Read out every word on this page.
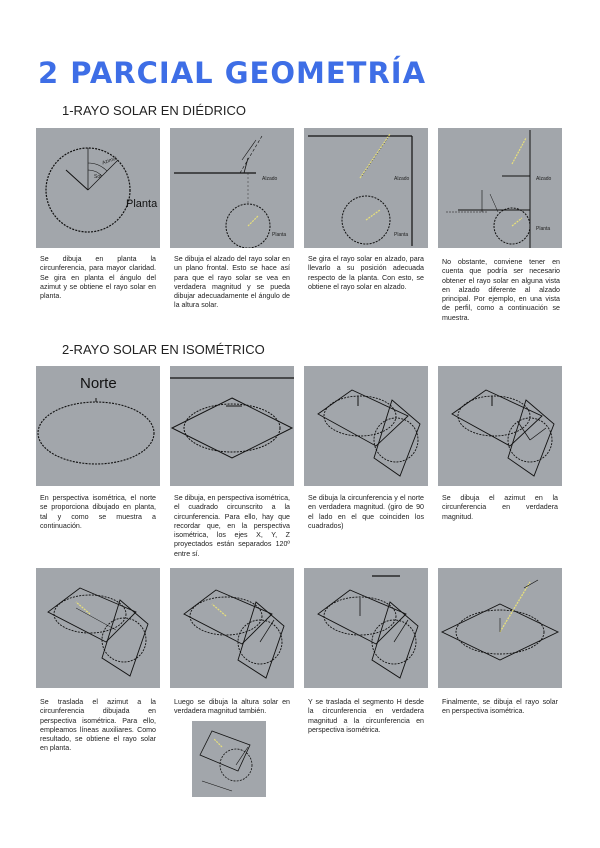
2 PARCIAL GEOMETRÍA
1-RAYO SOLAR EN DIÉDRICO
Azimut
Sol
Planta
Se dibuja en planta la circunferencia, para mayor claridad. Se gira en planta el ángulo del azimut y se obtiene el rayo solar en planta.
Alzado
Planta
Se dibuja el alzado del rayo solar en un plano frontal. Esto se hace así para que el rayo solar se vea en verdadera magnitud y se pueda dibujar adecuadamente el ángulo de la altura solar.
Alzado
Planta
Se gira el rayo solar en alzado, para llevarlo a su posición adecuada respecto de la planta. Con esto, se obtiene el rayo solar en alzado.
Alzado
Planta
No obstante, conviene tener en cuenta que podría ser necesario obtener el rayo solar en alguna vista en alzado diferente al alzado principal. Por ejemplo, en una vista de perfil, como a continuación se muestra.
2-RAYO SOLAR EN ISOMÉTRICO
Norte
En perspectiva isométrica, el norte se proporciona dibujado en planta, tal y como se muestra a continuación.
Se dibuja, en perspectiva isométrica, el cuadrado circunscrito a la circunferencia. Para ello, hay que recordar que, en la perspectiva isométrica, los ejes X, Y, Z proyectados están separados 120º entre sí.
Se dibuja la circunferencia y el norte en verdadera magnitud. (giro de 90 el lado en el que coinciden los cuadrados)
Se dibuja el azimut en la circunferencia en verdadera magnitud.
Se traslada el azimut a la circunferencia dibujada en perspectiva isométrica. Para ello, empleamos líneas auxiliares. Como resultado, se obtiene el rayo solar en planta.
Luego se dibuja la altura solar en verdadera magnitud también.
Y se traslada el segmento H desde la circunferencia en verdadera magnitud a la circunferencia en perspectiva isométrica.
Finalmente, se dibuja el rayo solar en perspectiva isométrica.
